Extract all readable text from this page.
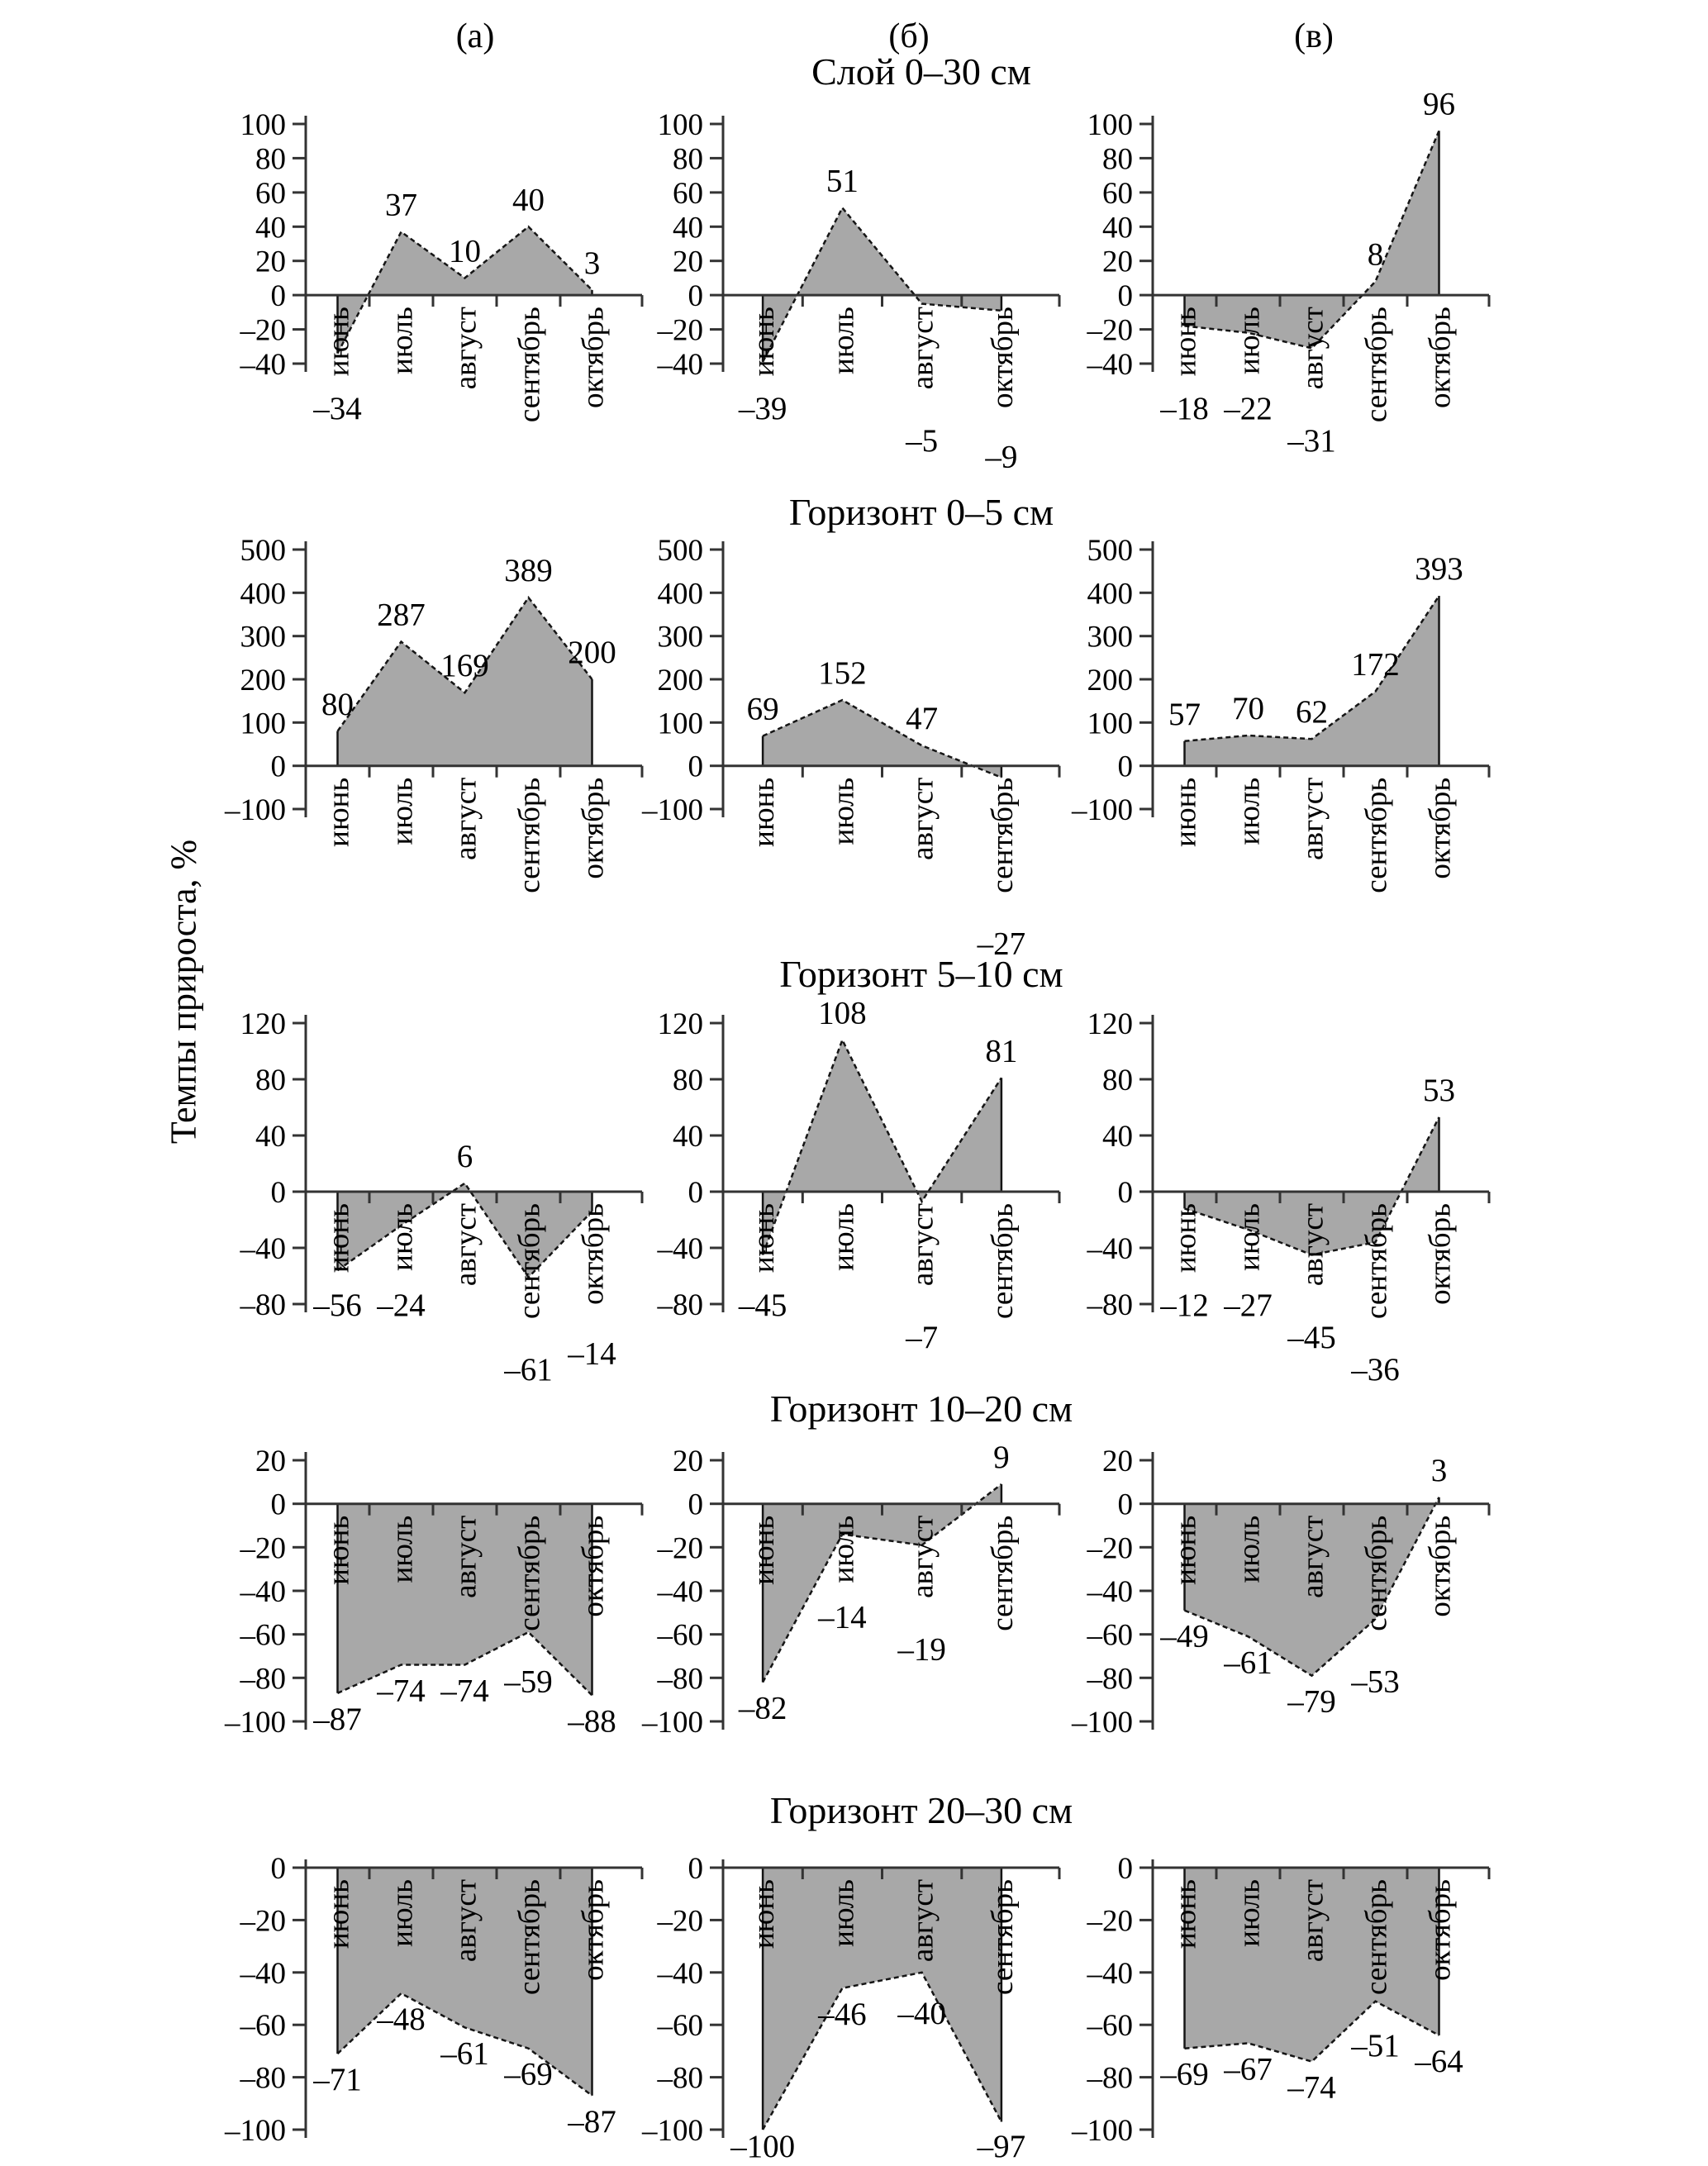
(а)	(б)	(в)
Слой 0–30 см
Горизонт 0–5 см
Горизонт 5–10 см
Горизонт 10–20 см
Горизонт 20–30 см
Темпы прироста, %
100
80
60
40
20
0
–20
–40 июнь июль август сентябрь октябрь
–34
37
10
40
3
100
80
60
40
20
0
–20
–40 июнь июль август октябрь
–39
51
–5 –9
100
80
60
40
20
0
–20
–40 июнь июль август сентябрь октябрь
–18 –22
–31
8
96
500
400
300
200
100
0
–100 июнь июль август сентябрь октябрь
80
287
169
389
200
500
400
300
200
100
0
–100 июнь июль август сентябрь
69
152
47
–27
500
400
300
200
100
0
–100 июнь июль август сентябрь октябрь
57 70 62
172
393
120
80
40
0
–40
–80
июнь июль август сентябрь октябрь
–56 –24
6
–61 –14
120
80
40
0
–40
–80
июнь июль август сентябрь
–45
108
–7
81
120
80
40
0
–40
–80
июнь июль август сентябрь октябрь
–12 –27
–45
–36
53
20
0
–20
–40
–60
–80
–100
июнь июль август сентябрь октябрь
–87
–74 –74 –59
–88
20
0
–20
–40
–60
–80
–100
июнь июль август сентябрь
–82
–14
–19
9	20
0
–20
–40
–60
–80
–100
июнь июль август сентябрь октябрь
–49
–61
–79
–53
3
0
–20
–40
–60
–80
–100
июнь июль август сентябрь октябрь
–71
–48
–61
–69
–87
0
–20
–40
–60
–80
–100
июнь июль август сентябрь
–100
–46 –40
–97
0
–20
–40
–60
–80
–100
июнь июль август сентябрь октябрь
–69 –67
–74
–51 –64
